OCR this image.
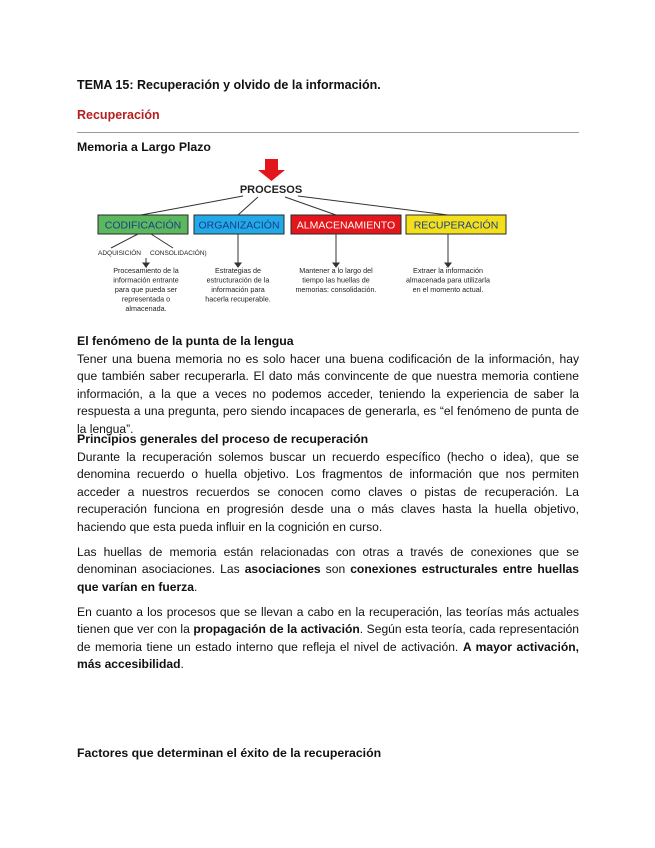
TEMA 15: Recuperación y olvido de la información.
Recuperación
Memoria a Largo Plazo
El fenómeno de la punta de la lengua

Tener una buena memoria no es solo hacer una buena codificación de la información, hay que también saber recuperarla. El dato más convincente de que nuestra memoria contiene información, a la que a veces no podemos acceder, teniendo la experiencia de saber la respuesta a una pregunta, pero siendo incapaces de generarla, es “el fenómeno de punta de la lengua”.

Principios generales del proceso de recuperación

Durante la recuperación solemos buscar un recuerdo específico (hecho o idea), que se denomina recuerdo o huella objetivo. Los fragmentos de información que nos permiten acceder a nuestros recuerdos se conocen como claves o pistas de recuperación. La recuperación funciona en progresión desde una o más claves hasta la huella objetivo, haciendo que esta pueda influir en la cognición en curso.

Las huellas de memoria están relacionadas con otras a través de conexiones que se denominan asociaciones. Las asociaciones son conexiones estructurales entre huellas que varían en fuerza.

En cuanto a los procesos que se llevan a cabo en la recuperación, las teorías más actuales tienen que ver con la propagación de la activación. Según esta teoría, cada representación de memoria tiene un estado interno que refleja el nivel de activación. A mayor activación, más accesibilidad.

Factores que determinan el éxito de la recuperación
PROCESOS
CODIFICACIÓN ORGANIZACIÓN ALMACENAMIENTO RECUPERACIÓN
ADQUISICIÓN CONSOLIDACIÓN)
Procesamiento de la
información entrante
para que pueda ser
representada o
almacenada.
Estrategias de
estructuración de la
información para
hacerla recuperable.
Mantener a lo largo del
tiempo las huellas de
memorias: consolidación.
Extraer la información
almacenada para utilizarla
en el momento actual.
